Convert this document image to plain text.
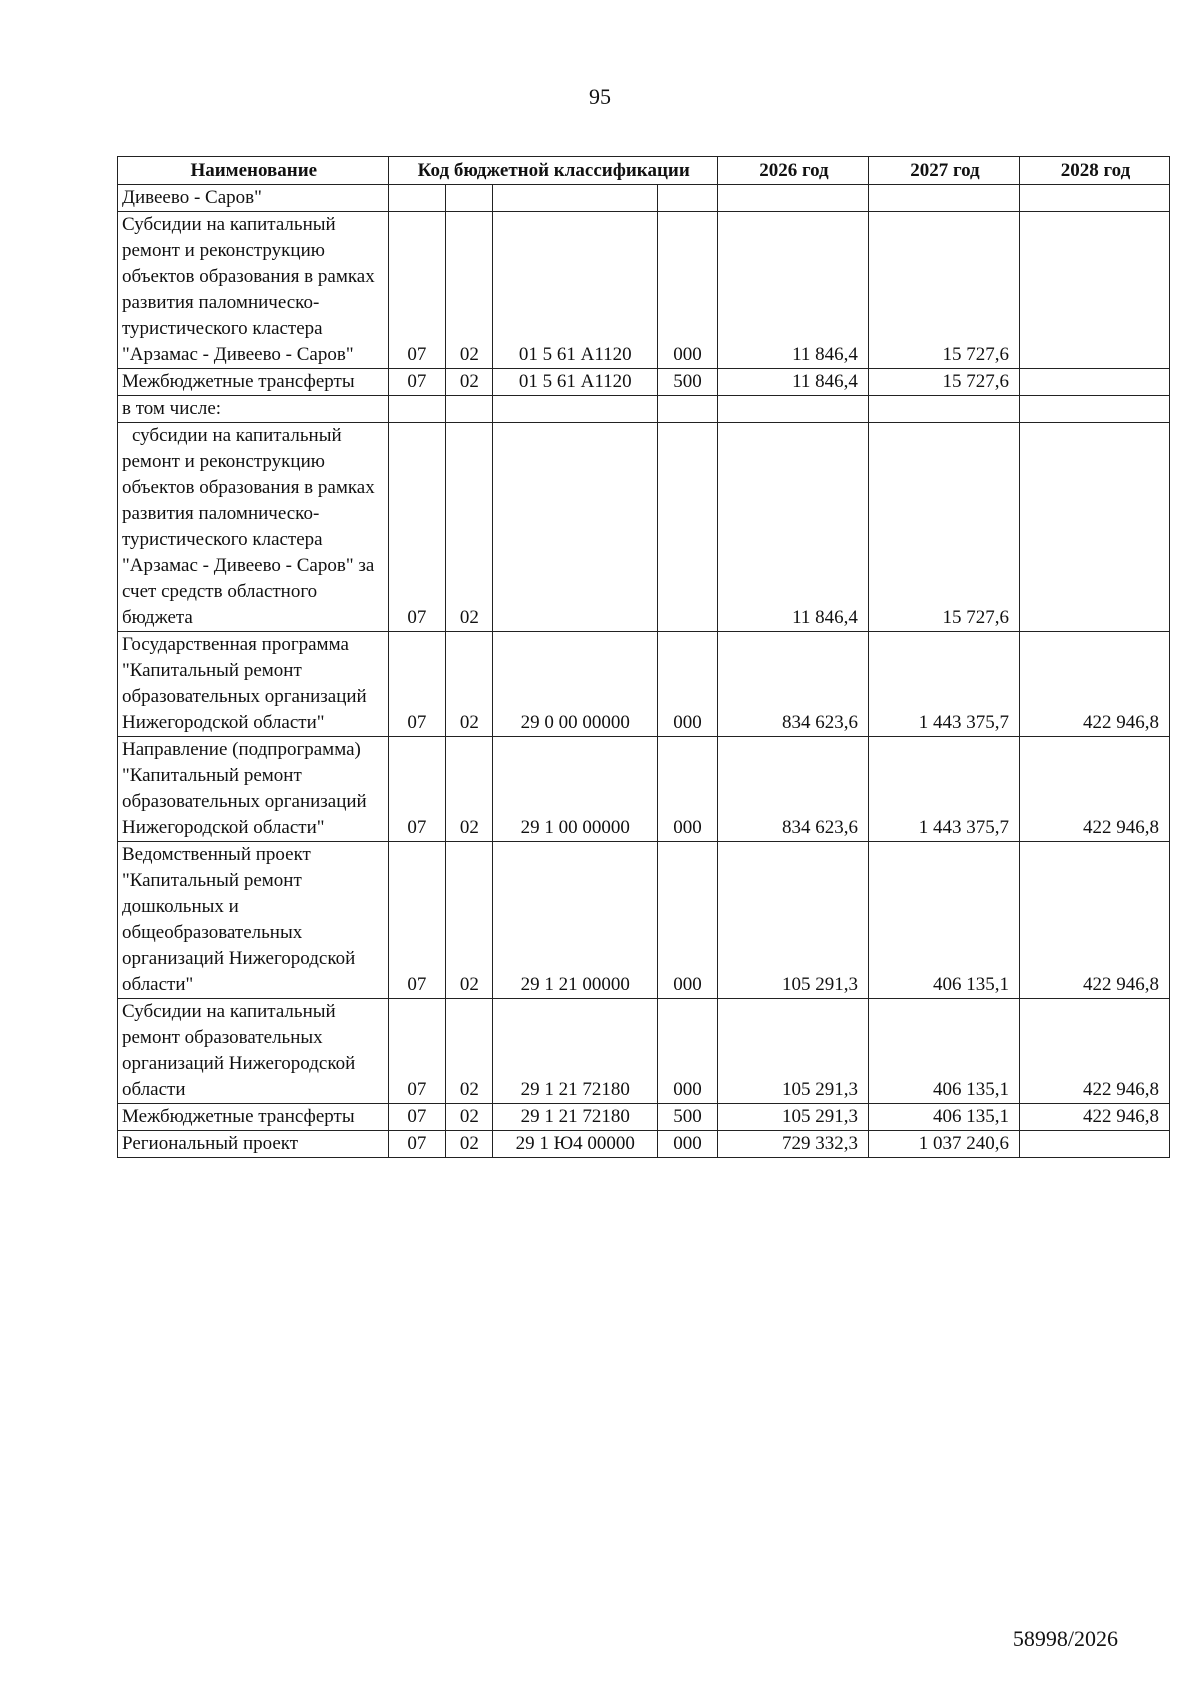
95
Наименование	Код бюджетной классификации				2026 год	2027 год	2028 год
Дивеево - Саров"							
Субсидии на капитальный ремонт и реконструкцию объектов образования в рамках развития паломническо-туристического кластера "Арзамас - Дивеево - Саров"	07	02	01 5 61 А1120	000	11 846,4	15 727,6	
Межбюджетные трансферты	07	02	01 5 61 А1120	500	11 846,4	15 727,6	
в том числе:							
субсидии на капитальный ремонт и реконструкцию объектов образования в рамках развития паломническо-туристического кластера "Арзамас - Дивеево - Саров" за счет средств областного бюджета	07	02			11 846,4	15 727,6	
Государственная программа "Капитальный ремонт образовательных организаций Нижегородской области"	07	02	29 0 00 00000	000	834 623,6	1 443 375,7	422 946,8
Направление (подпрограмма) "Капитальный ремонт образовательных организаций Нижегородской области"	07	02	29 1 00 00000	000	834 623,6	1 443 375,7	422 946,8
Ведомственный проект "Капитальный ремонт дошкольных и общеобразовательных организаций Нижегородской области"	07	02	29 1 21 00000	000	105 291,3	406 135,1	422 946,8
Субсидии на капитальный ремонт образовательных организаций Нижегородской области	07	02	29 1 21 72180	000	105 291,3	406 135,1	422 946,8
Межбюджетные трансферты	07	02	29 1 21 72180	500	105 291,3	406 135,1	422 946,8
Региональный проект	07	02	29 1 Ю4 00000	000	729 332,3	1 037 240,6	
58998/2026
